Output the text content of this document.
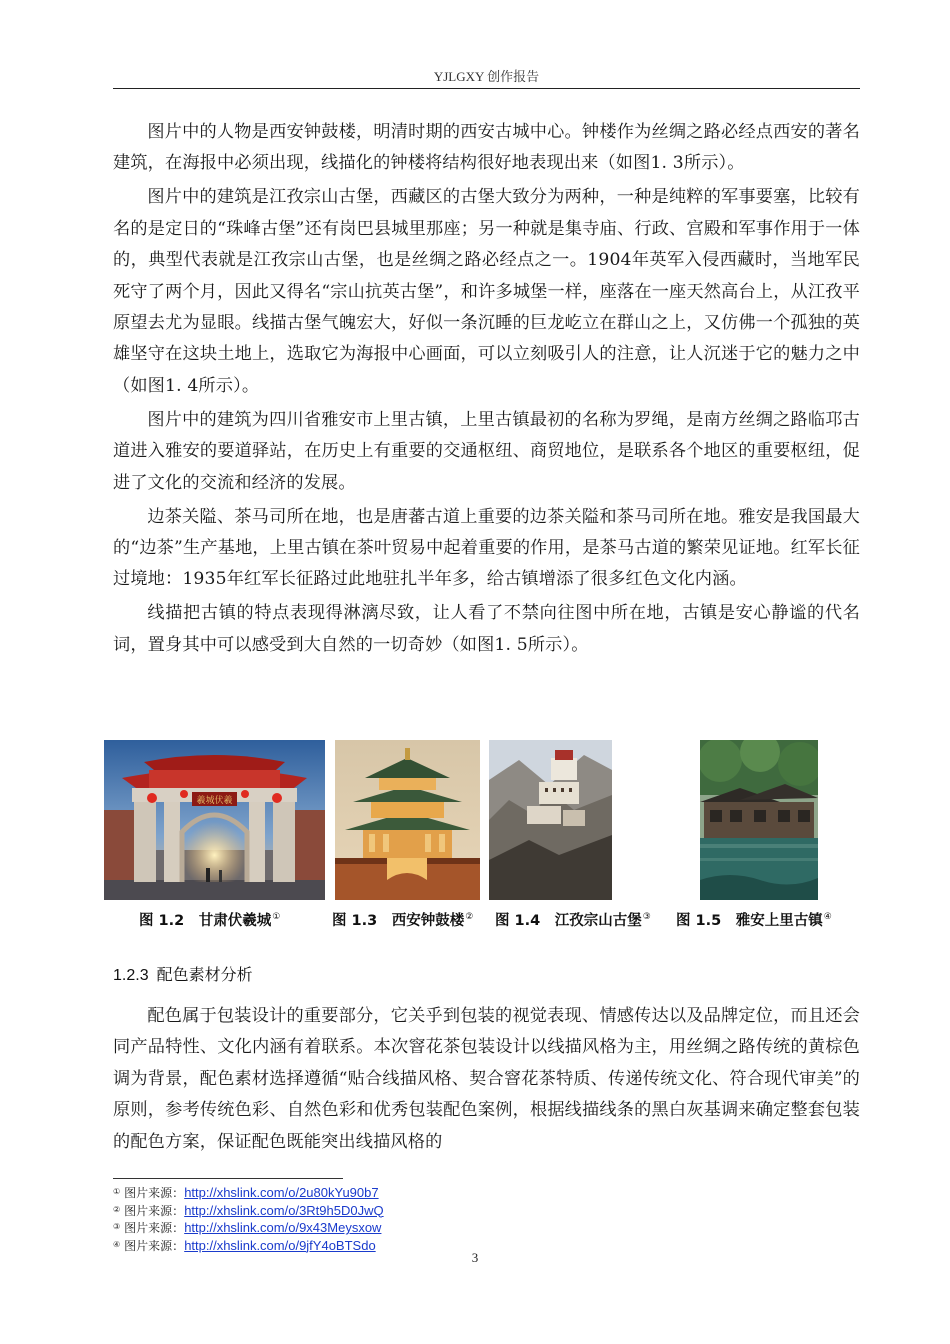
YJLGXY 创作报告

图片中的人物是西安钟鼓楼，明清时期的西安古城中心。钟楼作为丝绸之路必经点西安的著名建筑，在海报中必须出现，线描化的钟楼将结构很好地表现出来（如图1. 3所示）。

图片中的建筑是江孜宗山古堡，西藏区的古堡大致分为两种，一种是纯粹的军事要塞，比较有名的是定日的“珠峰古堡”还有岗巴县城里那座；另一种就是集寺庙、行政、宫殿和军事作用于一体的，典型代表就是江孜宗山古堡，也是丝绸之路必经点之一。1904年英军入侵西藏时，当地军民死守了两个月，因此又得名“宗山抗英古堡”，和许多城堡一样，座落在一座天然高台上，从江孜平原望去尤为显眼。线描古堡气魄宏大，好似一条沉睡的巨龙屹立在群山之上，又仿佛一个孤独的英雄坚守在这块土地上，选取它为海报中心画面，可以立刻吸引人的注意，让人沉迷于它的魅力之中（如图1. 4所示）。

图片中的建筑为四川省雅安市上里古镇，上里古镇最初的名称为罗绳，是南方丝绸之路临邛古道进入雅安的要道驿站，在历史上有重要的交通枢纽、商贸地位，是联系各个地区的重要枢纽，促进了文化的交流和经济的发展。

边茶关隘、茶马司所在地，也是唐蕃古道上重要的边茶关隘和茶马司所在地。雅安是我国最大的“边茶”生产基地，上里古镇在茶叶贸易中起着重要的作用，是茶马古道的繁荣见证地。红军长征过境地：1935年红军长征路过此地驻扎半年多，给古镇增添了很多红色文化内涵。

线描把古镇的特点表现得淋漓尽致，让人看了不禁向往图中所在地，古镇是安心静谧的代名词，置身其中可以感受到大自然的一切奇妙（如图1. 5所示）。

羲城伏羲
图 1.2　甘肃伏羲城①	图 1.3　西安钟鼓楼② 图 1.4　江孜宗山古堡③ 图 1.5　雅安上里古镇④
1.2.3 配色素材分析

配色属于包装设计的重要部分，它关乎到包装的视觉表现、情感传达以及品牌定位，而且还会同产品特性、文化内涵有着联系。本次窨花茶包装设计以线描风格为主，用丝绸之路传统的黄棕色调为背景，配色素材选择遵循“贴合线描风格、契合窨花茶特质、传递传统文化、符合现代审美”的原则，参考传统色彩、自然色彩和优秀包装配色案例，根据线描线条的黑白灰基调来确定整套包装的配色方案，保证配色既能突出线描风格的

① 图片来源：http://xhslink.com/o/2u80kYu90b7
② 图片来源：http://xhslink.com/o/3Rt9h5D0JwQ
③ 图片来源：http://xhslink.com/o/9x43Meysxow
④ 图片来源：http://xhslink.com/o/9jfY4oBTSdo
3
